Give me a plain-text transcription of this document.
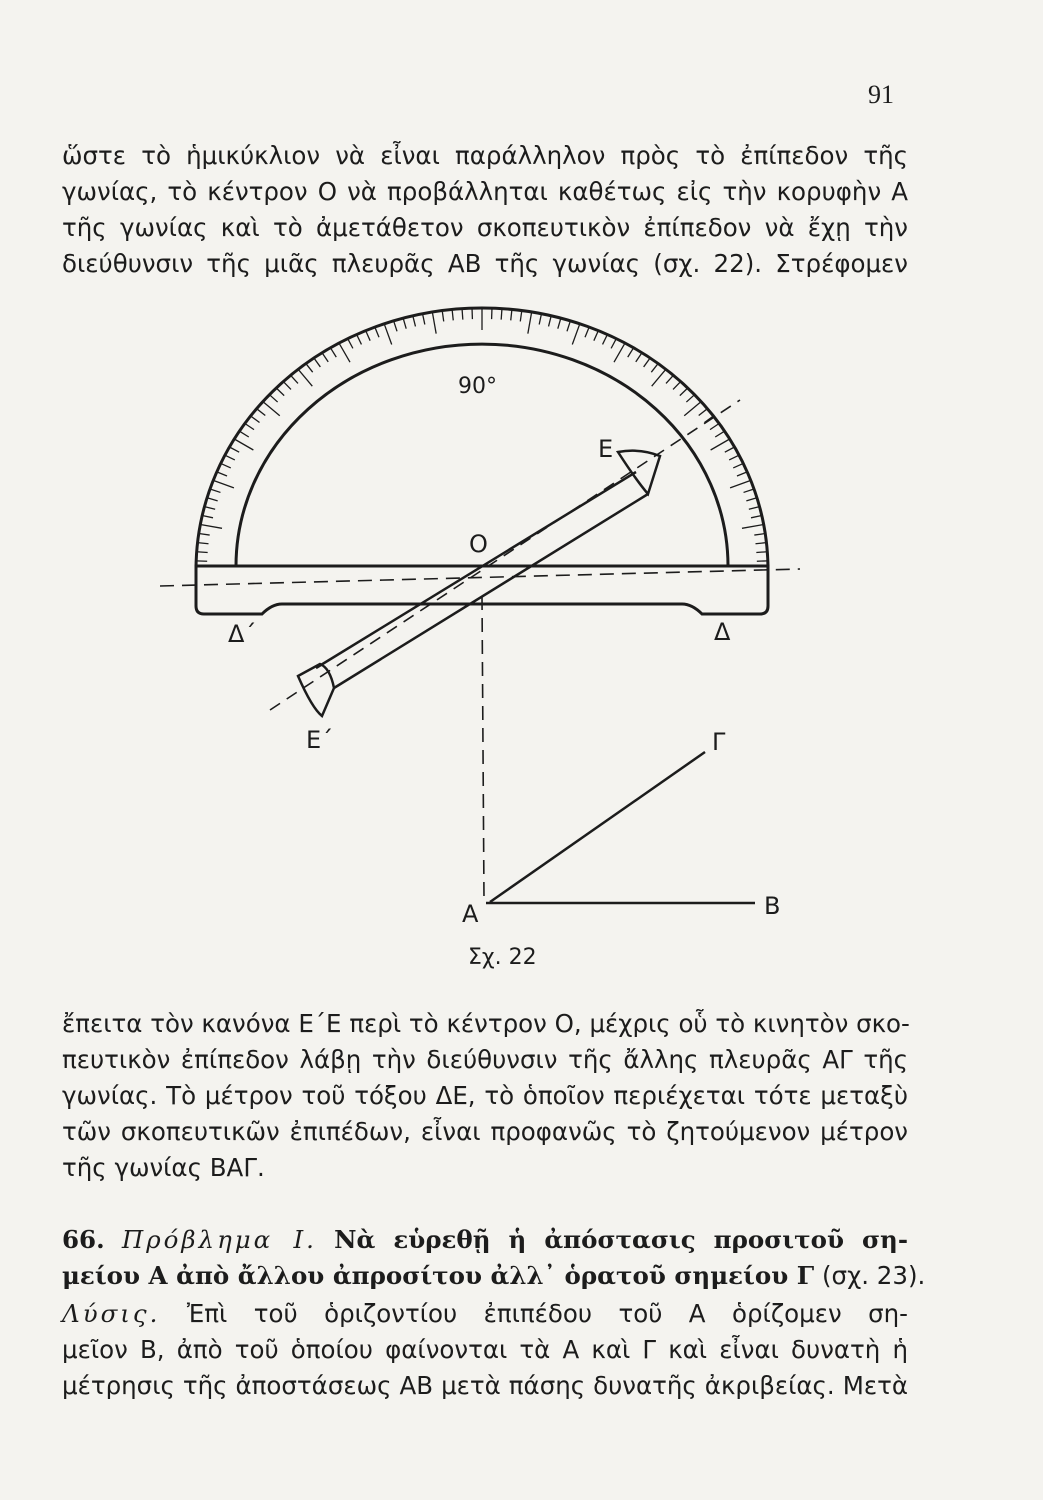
91

ὥστε τὸ ἡμικύκλιον νὰ εἶναι παράλληλον πρὸς τὸ ἐπίπεδον τῆς
γωνίας, τὸ κέντρον Ο νὰ προβάλληται καθέτως εἰς τὴν κορυφὴν Α
τῆς γωνίας καὶ τὸ ἀμετάθετον σκοπευτικὸν ἐπίπεδον νὰ ἔχῃ τὴν
διεύθυνσιν τῆς μιᾶς πλευρᾶς ΑΒ τῆς γωνίας (σχ. 22). Στρέφομεν

90°
Ε
Ο
Δ΄	Δ
Ε΄	Γ
Α	Β
Σχ. 22

ἔπειτα τὸν κανόνα Ε΄Ε περὶ τὸ κέντρον Ο, μέχρις οὗ τὸ κινητὸν σκο-
πευτικὸν ἐπίπεδον λάβῃ τὴν διεύθυνσιν τῆς ἄλλης πλευρᾶς ΑΓ τῆς
γωνίας. Τὸ μέτρον τοῦ τόξου ΔΕ, τὸ ὁποῖον περιέχεται τότε μεταξὺ
τῶν σκοπευτικῶν ἐπιπέδων, εἶναι προφανῶς τὸ ζητούμενον μέτρον
τῆς γωνίας ΒΑΓ.

66. Πρόβλημα Ι. Νὰ εὑρεθῇ ἡ ἀπόστασις προσιτοῦ ση-
μείου Α ἀπὸ ἄλλου ἀπροσίτου ἀλλ᾽ ὁρατοῦ σημείου Γ (σχ. 23).

Λύσις. Ἐπὶ τοῦ ὁριζοντίου ἐπιπέδου τοῦ Α ὁρίζομεν ση-
μεῖον Β, ἀπὸ τοῦ ὁποίου φαίνονται τὰ Α καὶ Γ καὶ εἶναι δυνατὴ ἡ
μέτρησις τῆς ἀποστάσεως ΑΒ μετὰ πάσης δυνατῆς ἀκριβείας. Μετὰ
